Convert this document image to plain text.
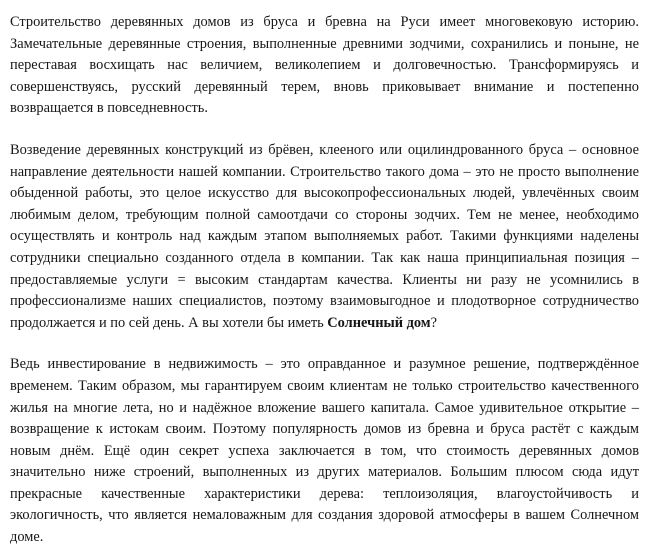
Строительство деревянных домов из бруса и бревна на Руси имеет многовековую историю. Замечательные деревянные строения, выполненные древними зодчими, сохранились и поныне, не переставая восхищать нас величием, великолепием и долговечностью. Трансформируясь и совершенствуясь, русский деревянный терем, вновь приковывает внимание и постепенно возвращается в повседневность.

Возведение деревянных конструкций из брёвен, клееного или оцилиндрованного бруса – основное направление деятельности нашей компании. Строительство такого дома – это не просто выполнение обыденной работы, это целое искусство для высокопрофессиональных людей, увлечённых своим любимым делом, требующим полной самоотдачи со стороны зодчих. Тем не менее, необходимо осуществлять и контроль над каждым этапом выполняемых работ. Такими функциями наделены сотрудники специально созданного отдела в компании. Так как наша принципиальная позиция – предоставляемые услуги = высоким стандартам качества. Клиенты ни разу не усомнились в профессионализме наших специалистов, поэтому взаимовыгодное и плодотворное сотрудничество продолжается и по сей день. А вы хотели бы иметь Солнечный дом?

Ведь инвестирование в недвижимость – это оправданное и разумное решение, подтверждённое временем. Таким образом, мы гарантируем своим клиентам не только строительство качественного жилья на многие лета, но и надёжное вложение вашего капитала. Самое удивительное открытие – возвращение к истокам своим. Поэтому популярность домов из бревна и бруса растёт с каждым новым днём. Ещё один секрет успеха заключается в том, что стоимость деревянных домов значительно ниже строений, выполненных из других материалов. Большим плюсом сюда идут прекрасные качественные характеристики дерева: теплоизоляция, влагоустойчивость и экологичность, что является немаловажным для создания здоровой атмосферы в вашем Солнечном доме.
